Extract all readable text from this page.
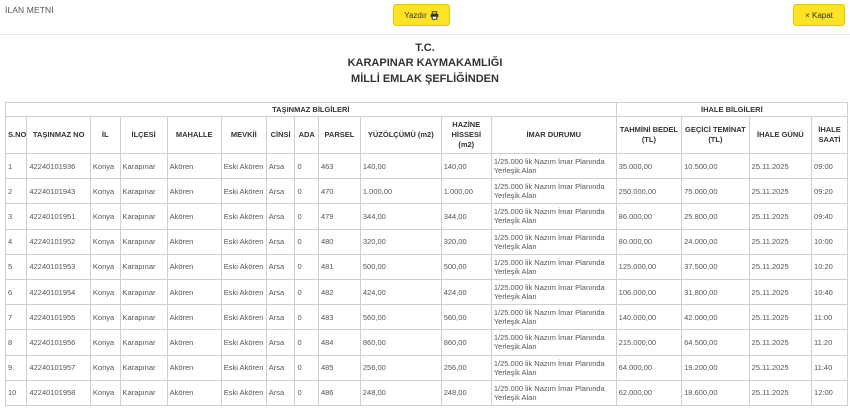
İLAN METNİ	Yazdır	× Kapat
T.C.
KARAPINAR KAYMAKAMLIĞI
MİLLİ EMLAK ŞEFLİĞİNDEN
TAŞINMAZ BİLGİLERİ												İHALE BİLGİLERİ			
S.NO	TAŞINMAZ NO	İL	İLÇESİ	MAHALLE	MEVKİİ	CİNSİ	ADA	PARSEL	YÜZÖLÇÜMÜ (m2)	HAZİNE HİSSESİ (m2)	İMAR DURUMU	TAHMİNİ BEDEL (TL)	GEÇİCİ TEMİNAT (TL)	İHALE GÜNÜ	İHALE SAATİ
1	42240101936	Konya	Karapınar	Akören	Eski Akören	Arsa	0	463	140,00	140,00	1/25.000 lik Nazım İmar Planında Yerleşik Alan	35.000,00	10.500,00	25.11.2025	09:00
2	42240101943	Konya	Karapınar	Akören	Eski Akören	Arsa	0	470	1.000,00	1.000,00	1/25.000 lik Nazım İmar Planında Yerleşik Alan	250.000,00	75.000,00	25.11.2025	09:20
3	42240101951	Konya	Karapınar	Akören	Eski Akören	Arsa	0	479	344,00	344,00	1/25.000 lik Nazım İmar Planında Yerleşik Alan	86.000,00	25.800,00	25.11.2025	09:40
4	42240101952	Konya	Karapınar	Akören	Eski Akören	Arsa	0	480	320,00	320,00	1/25.000 lik Nazım İmar Planında Yerleşik Alan	80.000,00	24.000,00	25.11.2025	10:00
5	42240101953	Konya	Karapınar	Akören	Eski Akören	Arsa	0	481	500,00	500,00	1/25.000 lik Nazım İmar Planında Yerleşik Alan	125.000,00	37.500,00	25.11.2025	10:20
6	42240101954	Konya	Karapınar	Akören	Eski Akören	Arsa	0	482	424,00	424,00	1/25.000 lik Nazım İmar Planında Yerleşik Alan	106.000,00	31.800,00	25.11.2025	10:40
7	42240101955	Konya	Karapınar	Akören	Eski Akören	Arsa	0	483	560,00	560,00	1/25.000 lik Nazım İmar Planında Yerleşik Alan	140.000,00	42.000,00	25.11.2025	11:00
8	42240101956	Konya	Karapınar	Akören	Eski Akören	Arsa	0	484	860,00	860,00	1/25.000 lik Nazım İmar Planında Yerleşik Alan	215.000,00	64.500,00	25.11.2025	11:20
9.	42240101957	Konya	Karapınar	Akören	Eski Akören	Arsa	0	485	256,00	256,00	1/25.000 lik Nazım İmar Planında Yerleşik Alan	64.000,00	19.200,00	25.11.2025	11:40
10	42240101958	Konya	Karapınar	Akören	Eski Akören	Arsa	0	486	248,00	248,00	1/25.000 lik Nazım İmar Planında Yerleşik Alan	62.000,00	18.600,00	25.11.2025	12:00
